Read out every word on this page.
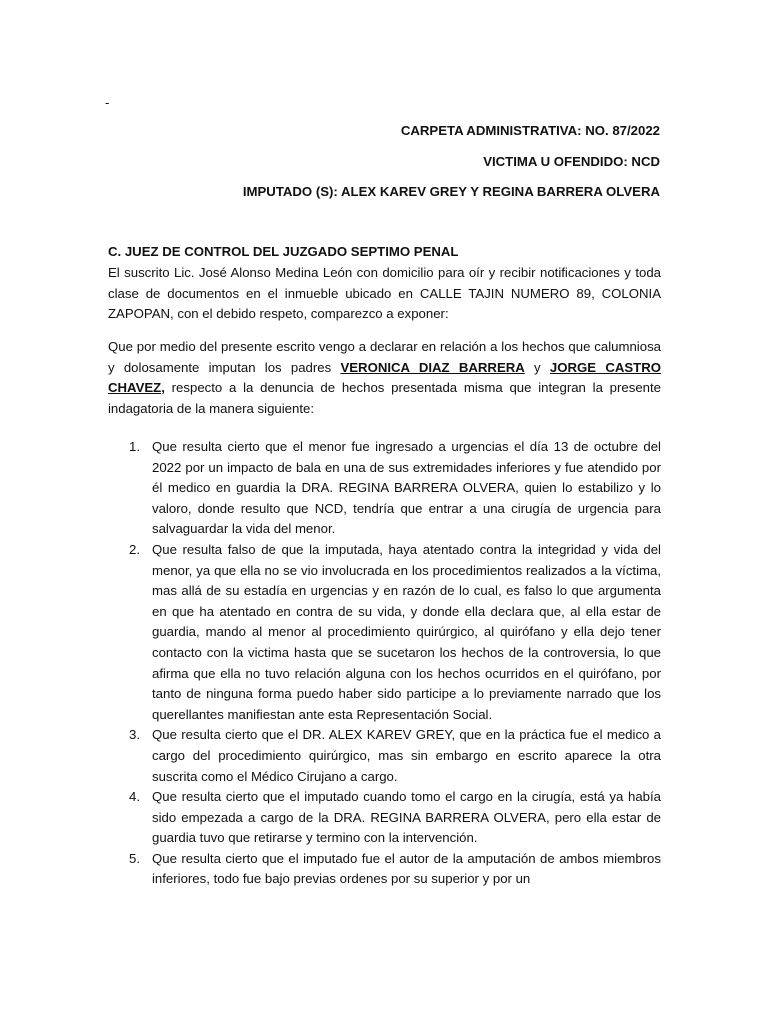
-
CARPETA ADMINISTRATIVA: NO. 87/2022
VICTIMA U OFENDIDO: NCD
IMPUTADO (S): ALEX KAREV GREY Y REGINA BARRERA OLVERA
C. JUEZ DE CONTROL DEL JUZGADO SEPTIMO PENAL

El suscrito Lic. José Alonso Medina León con domicilio para oír y recibir notificaciones y toda clase de documentos en el inmueble ubicado en CALLE TAJIN NUMERO 89, COLONIA ZAPOPAN, con el debido respeto, comparezco a exponer:

Que por medio del presente escrito vengo a declarar en relación a los hechos que calumniosa y dolosamente imputan los padres VERONICA DIAZ BARRERA y JORGE CASTRO CHAVEZ, respecto a la denuncia de hechos presentada misma que integran la presente indagatoria de la manera siguiente:

1. Que resulta cierto que el menor fue ingresado a urgencias el día 13 de octubre del 2022 por un impacto de bala en una de sus extremidades inferiores y fue atendido por él medico en guardia la DRA. REGINA BARRERA OLVERA, quien lo estabilizo y lo valoro, donde resulto que NCD, tendría que entrar a una cirugía de urgencia para salvaguardar la vida del menor.
2. Que resulta falso de que la imputada, haya atentado contra la integridad y vida del menor, ya que ella no se vio involucrada en los procedimientos realizados a la víctima, mas allá de su estadía en urgencias y en razón de lo cual, es falso lo que argumenta en que ha atentado en contra de su vida, y donde ella declara que, al ella estar de guardia, mando al menor al procedimiento quirúrgico, al quirófano y ella dejo tener contacto con la victima hasta que se sucetaron los hechos de la controversia, lo que afirma que ella no tuvo relación alguna con los hechos ocurridos en el quirófano, por tanto de ninguna forma puedo haber sido participe a lo previamente narrado que los querellantes manifiestan ante esta Representación Social.
3. Que resulta cierto que el DR. ALEX KAREV GREY, que en la práctica fue el medico a cargo del procedimiento quirúrgico, mas sin embargo en escrito aparece la otra suscrita como el Médico Cirujano a cargo.
4. Que resulta cierto que el imputado cuando tomo el cargo en la cirugía, está ya había sido empezada a cargo de la DRA. REGINA BARRERA OLVERA, pero ella estar de guardia tuvo que retirarse y termino con la intervención.
5. Que resulta cierto que el imputado fue el autor de la amputación de ambos miembros inferiores, todo fue bajo previas ordenes por su superior y por un
